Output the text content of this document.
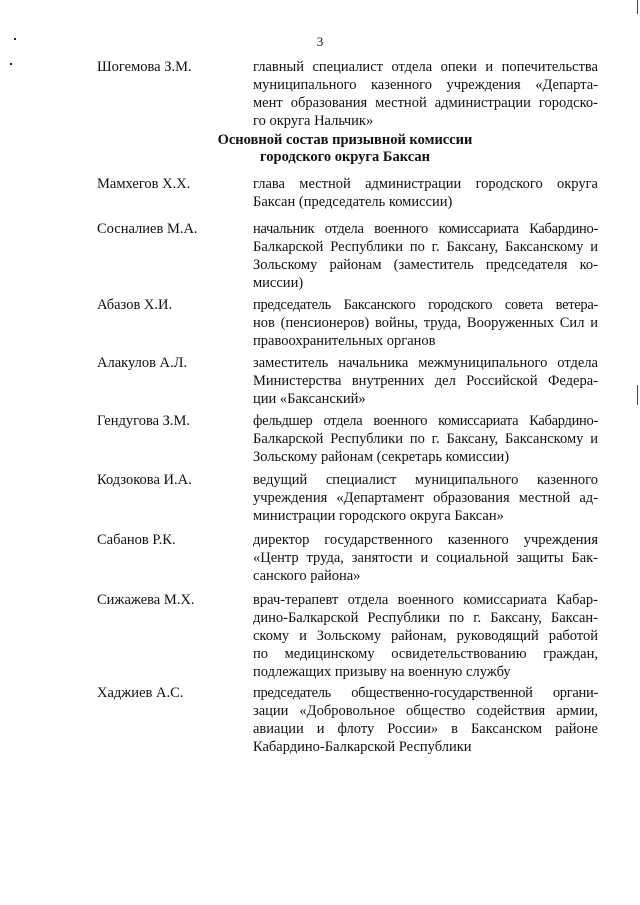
3
Шогемова З.М.	главный специалист отдела опеки и попечительства
муниципального казенного учреждения «Департа-
мент образования местной администрации городско-
го округа Нальчик»
Основной состав призывной комиссии
городского округа Баксан
Мамхегов Х.Х.	глава местной администрации городского округа
Баксан (председатель комиссии)
Сосналиев М.А.	начальник отдела военного комиссариата Кабардино-
Балкарской Республики по г. Баксану, Баксанскому и
Зольскому районам (заместитель председателя ко-
миссии)
Абазов Х.И.	председатель Баксанского городского совета ветера-
нов (пенсионеров) войны, труда, Вооруженных Сил и
правоохранительных органов
Алакулов А.Л.	заместитель начальника межмуниципального отдела
Министерства внутренних дел Российской Федера-
ции «Баксанский»
Гендугова З.М.	фельдшер отдела военного комиссариата Кабардино-
Балкарской Республики по г. Баксану, Баксанскому и
Зольскому районам (секретарь комиссии)
Кодзокова И.А.	ведущий специалист муниципального казенного
учреждения «Департамент образования местной ад-
министрации городского округа Баксан»
Сабанов Р.К.	директор государственного казенного учреждения
«Центр труда, занятости и социальной защиты Бак-
санского района»
Сижажева М.Х.	врач-терапевт отдела военного комиссариата Кабар-
дино-Балкарской Республики по г. Баксану, Баксан-
скому и Зольскому районам, руководящий работой
по медицинскому освидетельствованию граждан,
подлежащих призыву на военную службу
Хаджиев А.С.	председатель общественно-государственной органи-
зации «Добровольное общество содействия армии,
авиации и флоту России» в Баксанском районе
Кабардино-Балкарской Республики
